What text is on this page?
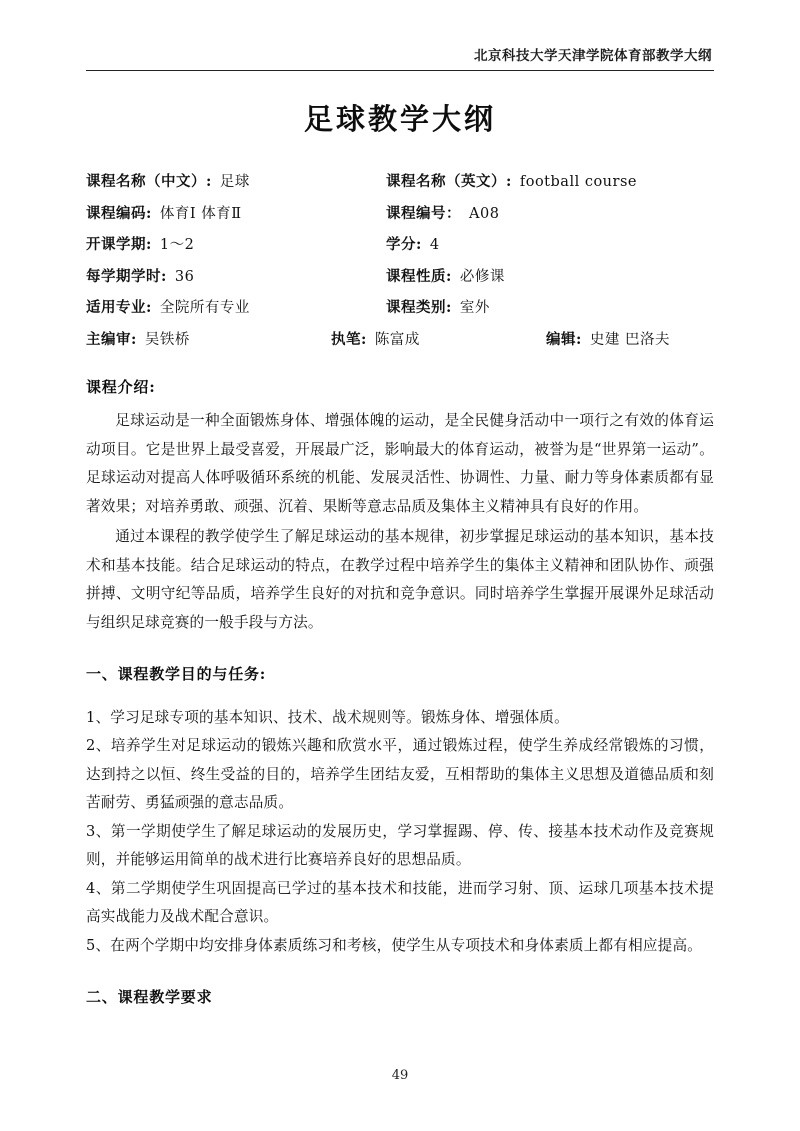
北京科技大学天津学院体育部教学大纲
足球教学大纲
课程名称（中文）: 足球	课程名称（英文）: football course
课程编码: 体育Ⅰ 体育Ⅱ	课程编号： A08
开课学期: 1～2	学分: 4
每学期学时: 36	课程性质: 必修课
适用专业: 全院所有专业	课程类别: 室外
主编审: 吴铁桥	执笔: 陈富成	编辑: 史建 巴洛夫
课程介绍:

足球运动是一种全面锻炼身体、增强体魄的运动，是全民健身活动中一项行之有效的体育运动项目。它是世界上最受喜爱，开展最广泛，影响最大的体育运动，被誉为是“世界第一运动”。足球运动对提高人体呼吸循环系统的机能、发展灵活性、协调性、力量、耐力等身体素质都有显著效果；对培养勇敢、顽强、沉着、果断等意志品质及集体主义精神具有良好的作用。

通过本课程的教学使学生了解足球运动的基本规律，初步掌握足球运动的基本知识，基本技术和基本技能。结合足球运动的特点，在教学过程中培养学生的集体主义精神和团队协作、顽强拼搏、文明守纪等品质，培养学生良好的对抗和竞争意识。同时培养学生掌握开展课外足球活动与组织足球竞赛的一般手段与方法。

一、课程教学目的与任务:

1、学习足球专项的基本知识、技术、战术规则等。锻炼身体、增强体质。

2、培养学生对足球运动的锻炼兴趣和欣赏水平，通过锻炼过程，使学生养成经常锻炼的习惯，达到持之以恒、终生受益的目的，培养学生团结友爱，互相帮助的集体主义思想及道德品质和刻苦耐劳、勇猛顽强的意志品质。

3、第一学期使学生了解足球运动的发展历史，学习掌握踢、停、传、接基本技术动作及竞赛规则，并能够运用简单的战术进行比赛培养良好的思想品质。

4、第二学期使学生巩固提高已学过的基本技术和技能，进而学习射、顶、运球几项基本技术提高实战能力及战术配合意识。

5、在两个学期中均安排身体素质练习和考核，使学生从专项技术和身体素质上都有相应提高。

二、课程教学要求
49
